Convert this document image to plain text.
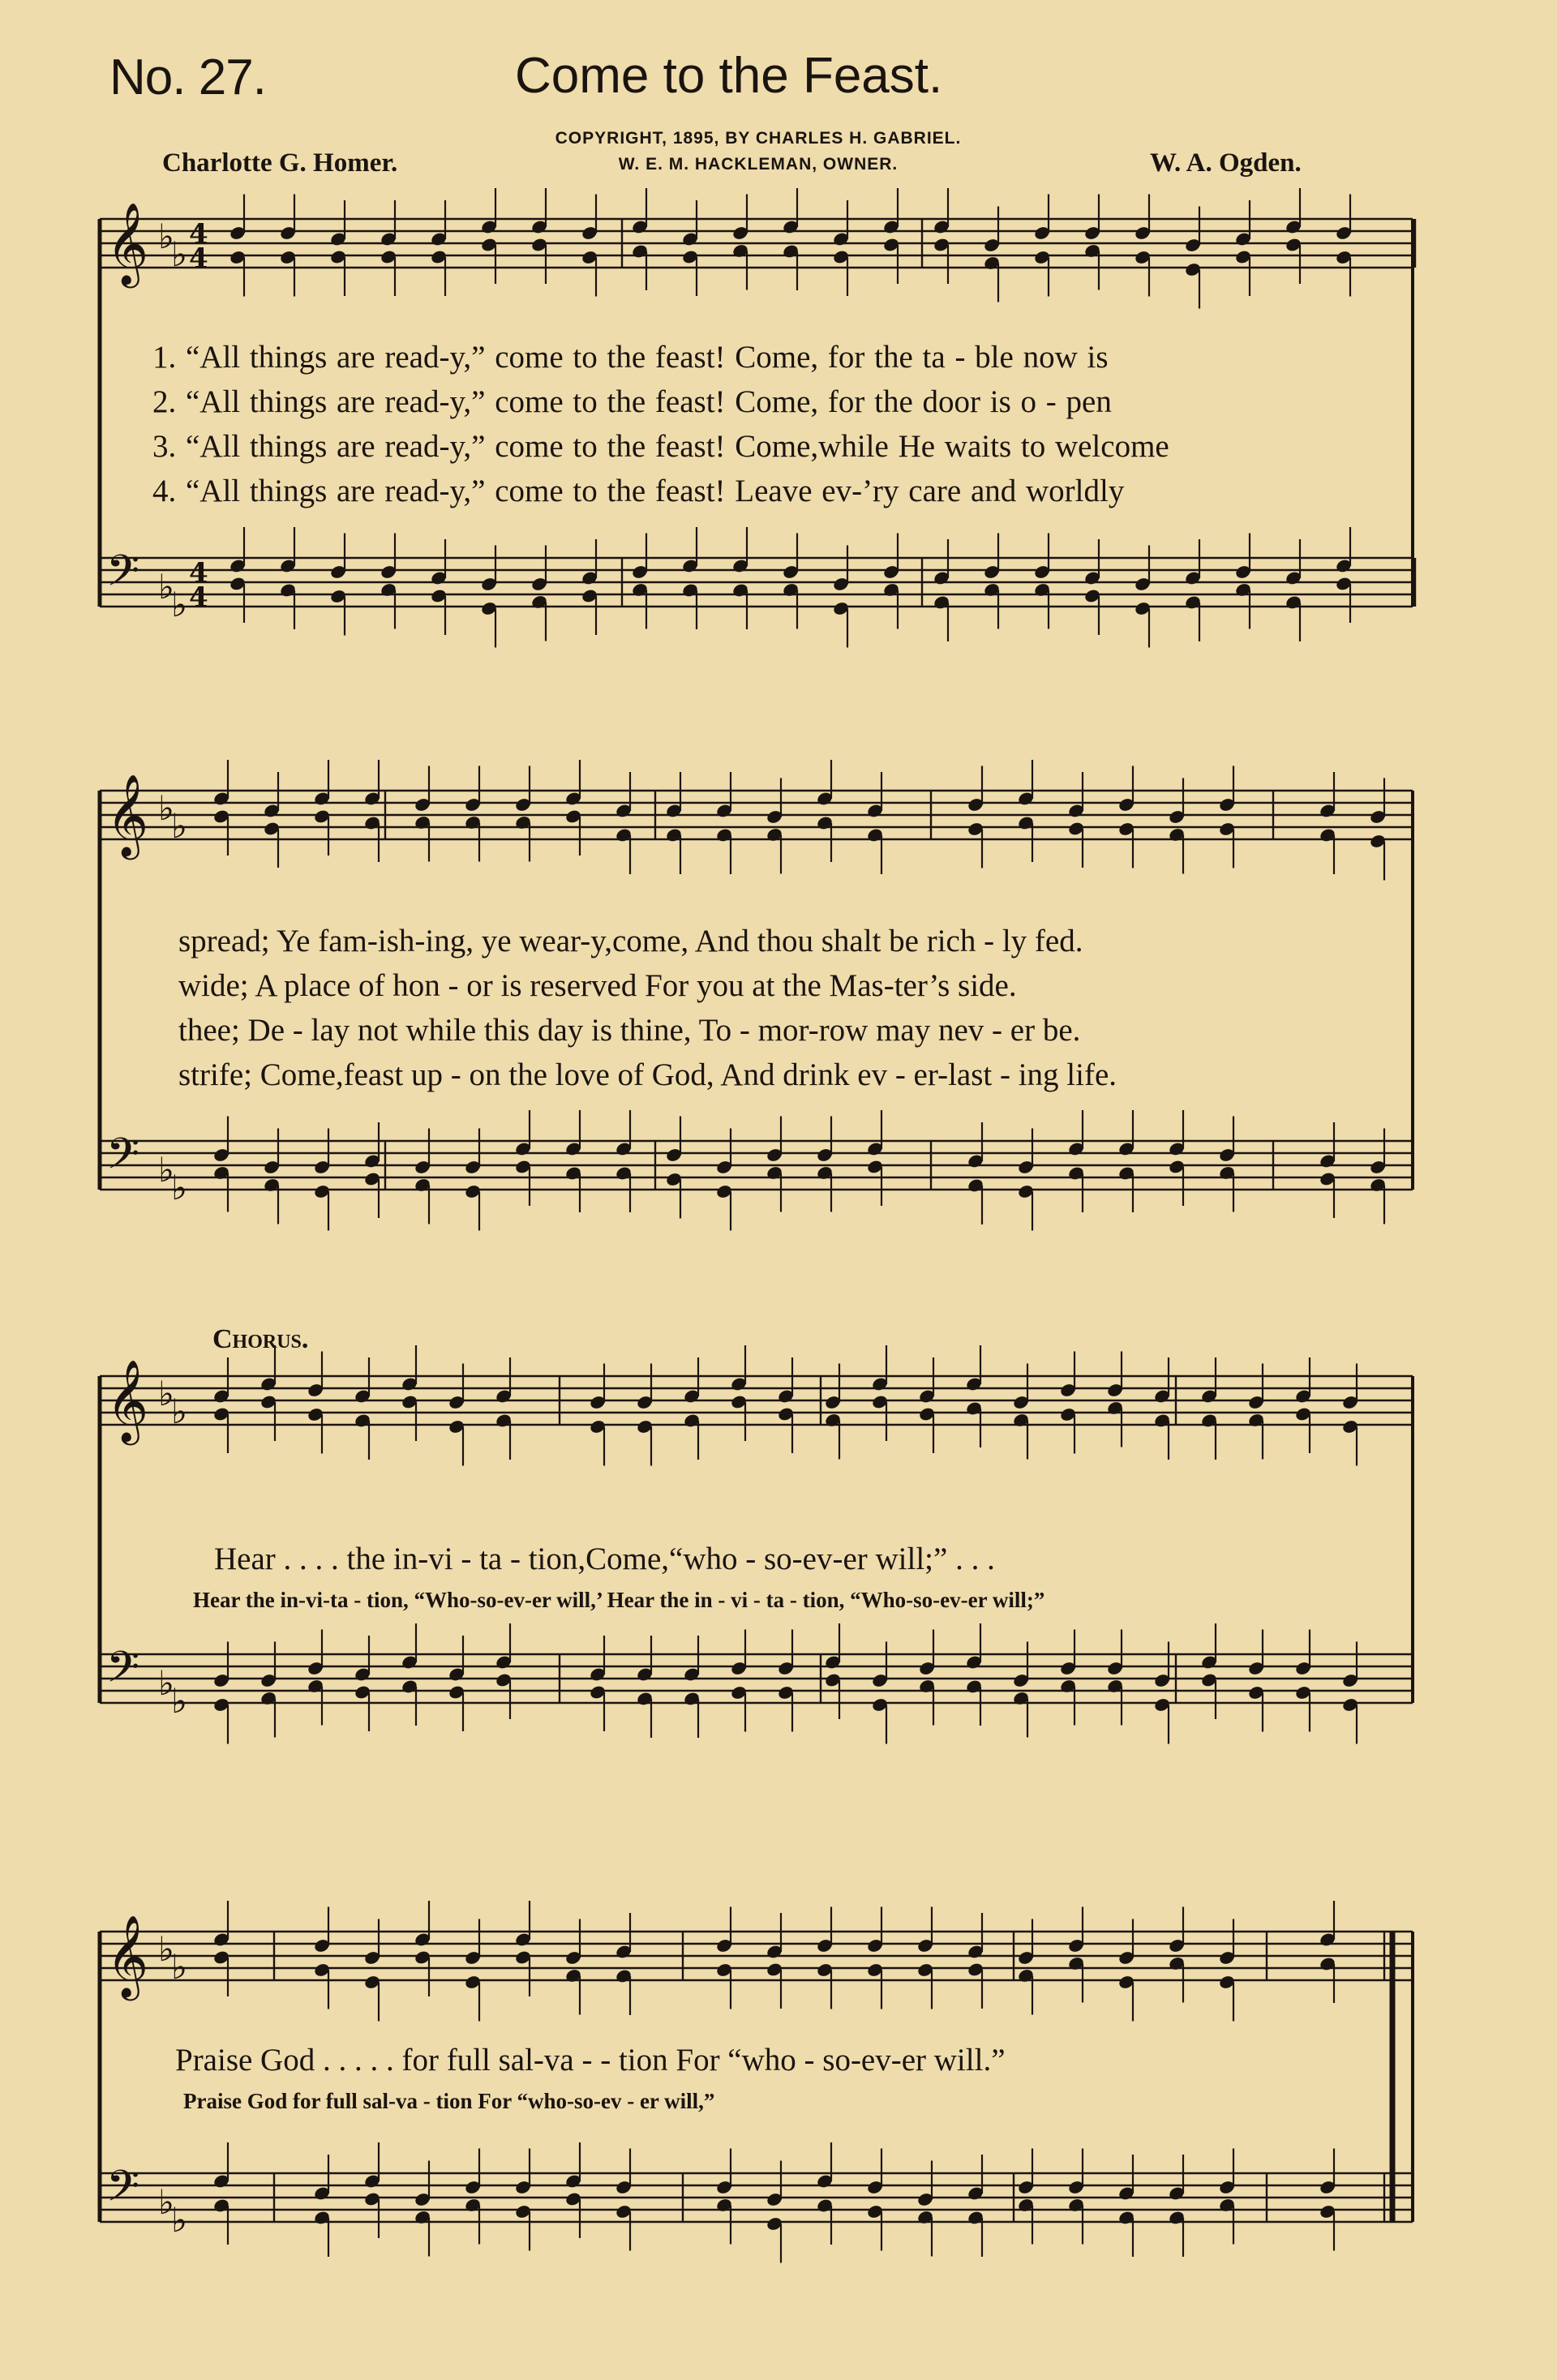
No. 27.	Come to the Feast.
COPYRIGHT, 1895, BY CHARLES H. GABRIEL.
W. E. M. HACKLEMAN, OWNER.
Charlotte G. Homer.	W. A. Ogden.
𝄞 ♭
♭ 4
4
𝄢 ♭
♭
4
4
𝄞 ♭
♭
𝄢 ♭
♭
𝄞 ♭
♭
𝄢 ♭
♭
𝄞 ♭
♭
𝄢 ♭
♭
1. “All things are read-y,” come to the feast! Come, for the ta - ble now is
2. “All things are read-y,” come to the feast! Come, for the door is o - pen
3. “All things are read-y,” come to the feast! Come,while He waits to welcome
4. “All things are read-y,” come to the feast! Leave ev-’ry care and worldly
spread; Ye fam-ish-ing, ye wear-y,come, And thou shalt be rich - ly fed.
wide; A place of hon - or is reserved For you at the Mas-ter’s side.
thee; De - lay not while this day is thine, To - mor-row may nev - er be.
strife; Come,feast up - on the love of God, And drink ev - er-last - ing life.
Chorus.
Hear . . . . the in-vi - ta - tion,Come,“who - so-ev-er will;” . . .
Hear the in-vi-ta - tion, “Who-so-ev-er will,’ Hear the in - vi - ta - tion, “Who-so-ev-er will;”
Praise God . . . . . for full sal-va - - tion For “who - so-ev-er will.”
Praise God for full sal-va - tion For “who-so-ev - er will,”
